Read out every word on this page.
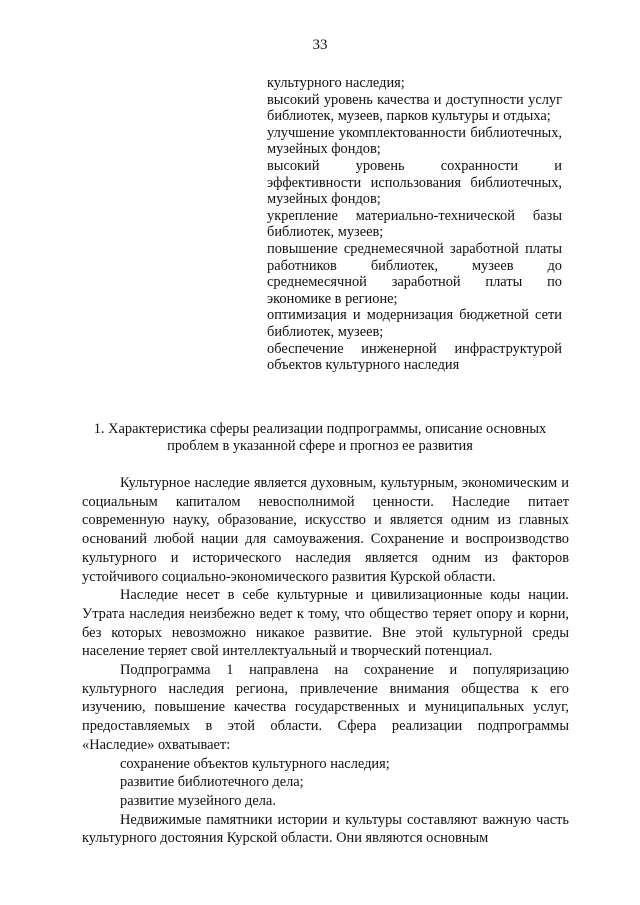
33

культурного наследия;

высокий уровень качества и доступности услуг библиотек, музеев, парков культуры и отдыха;

улучшение укомплектованности библиотечных, музейных фондов;

высокий уровень сохранности и эффективности использования библиотечных, музейных фондов;

укрепление материально-технической базы библиотек, музеев;

повышение среднемесячной заработной платы работников библиотек, музеев до среднемесячной заработной платы по экономике в регионе;

оптимизация и модернизация бюджетной сети библиотек, музеев;

обеспечение инженерной инфраструктурой объектов культурного наследия

1. Характеристика сферы реализации подпрограммы, описание основных

проблем в указанной сфере и прогноз ее развития

Культурное наследие является духовным, культурным, экономическим и социальным капиталом невосполнимой ценности. Наследие питает современную науку, образование, искусство и является одним из главных оснований любой нации для самоуважения. Сохранение и воспроизводство культурного и исторического наследия является одним из факторов устойчивого социально-экономического развития Курской области.

Наследие несет в себе культурные и цивилизационные коды нации. Утрата наследия неизбежно ведет к тому, что общество теряет опору и корни, без которых невозможно никакое развитие. Вне этой культурной среды население теряет свой интеллектуальный и творческий потенциал.

Подпрограмма 1 направлена на сохранение и популяризацию культурного наследия региона, привлечение внимания общества к его изучению, повышение качества государственных и муниципальных услуг, предоставляемых в этой области. Сфера реализации подпрограммы «Наследие» охватывает:

сохранение объектов культурного наследия;

развитие библиотечного дела;

развитие музейного дела.

Недвижимые памятники истории и культуры составляют важную часть культурного достояния Курской области. Они являются основным
